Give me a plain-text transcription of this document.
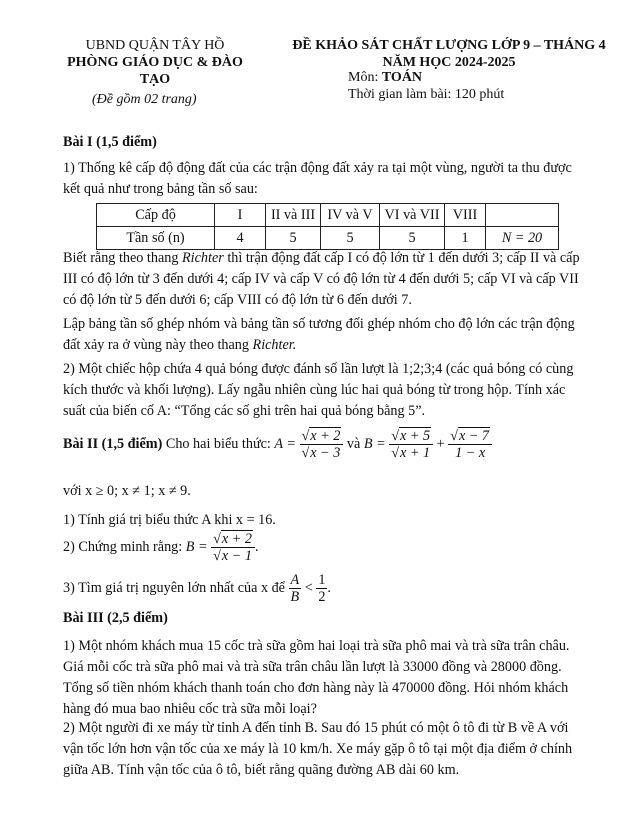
UBND QUẬN TÂY HỒ
PHÒNG GIÁO DỤC & ĐÀO TẠO
(Đề gồm 02 trang)
ĐỀ KHẢO SÁT CHẤT LƯỢNG LỚP 9 – THÁNG 4
NĂM HỌC 2024-2025
Môn: TOÁN
Thời gian làm bài: 120 phút
Bài I (1,5 điểm)
1) Thống kê cấp độ động đất của các trận động đất xảy ra tại một vùng, người ta thu được kết quả như trong bảng tần số sau:
Cấp độ	I	II và III	IV và V	VI và VII	VIII	
Tần số (n)	4	5	5	5	1	N = 20
Biết rằng theo thang Richter thì trận động đất cấp I có độ lớn từ 1 đến dưới 3; cấp II và cấp III có độ lớn từ 3 đến dưới 4; cấp IV và cấp V có độ lớn từ 4 đến dưới 5; cấp VI và cấp VII có độ lớn từ 5 đến dưới 6; cấp VIII có độ lớn từ 6 đến dưới 7.
Lập bảng tần số ghép nhóm và bảng tần số tương đối ghép nhóm cho độ lớn các trận động đất xảy ra ở vùng này theo thang Richter.
2) Một chiếc hộp chứa 4 quả bóng được đánh số lần lượt là 1;2;3;4 (các quả bóng có cùng kích thước và khối lượng). Lấy ngẫu nhiên cùng lúc hai quả bóng từ trong hộp. Tính xác suất của biến cố A: “Tổng các số ghi trên hai quả bóng bằng 5”.
Bài II (1,5 điểm) Cho hai biểu thức: $A = \frac{√x + 2}{√x - 3}$ và $B = \frac{√x + 5}{√x + 1} + \frac{√x - 7}{1 - x}$
với x ≥ 0; x ≠ 1; x ≠ 9.
1) Tính giá trị biểu thức A khi x = 16.
2) Chứng minh rằng: $B = \frac{√x + 2}{√x - 1}$ .
3) Tìm giá trị nguyên lớn nhất của x để $\frac{A}{B} < \frac{1}{2}$ .
Bài III (2,5 điểm)
1) Một nhóm khách mua 15 cốc trà sữa gồm hai loại trà sữa phô mai và trà sữa trân châu. Giá mỗi cốc trà sữa phô mai và trà sữa trân châu lần lượt là 33000 đồng và 28000 đồng. Tổng số tiền nhóm khách thanh toán cho đơn hàng này là 470000 đồng. Hỏi nhóm khách hàng đó mua bao nhiêu cốc trà sữa mỗi loại?
2) Một người đi xe máy từ tỉnh A đến tỉnh B. Sau đó 15 phút có một ô tô đi từ B về A với vận tốc lớn hơn vận tốc của xe máy là 10 km/h. Xe máy gặp ô tô tại một địa điểm ở chính giữa AB. Tính vận tốc của ô tô, biết rằng quãng đường AB dài 60 km.
